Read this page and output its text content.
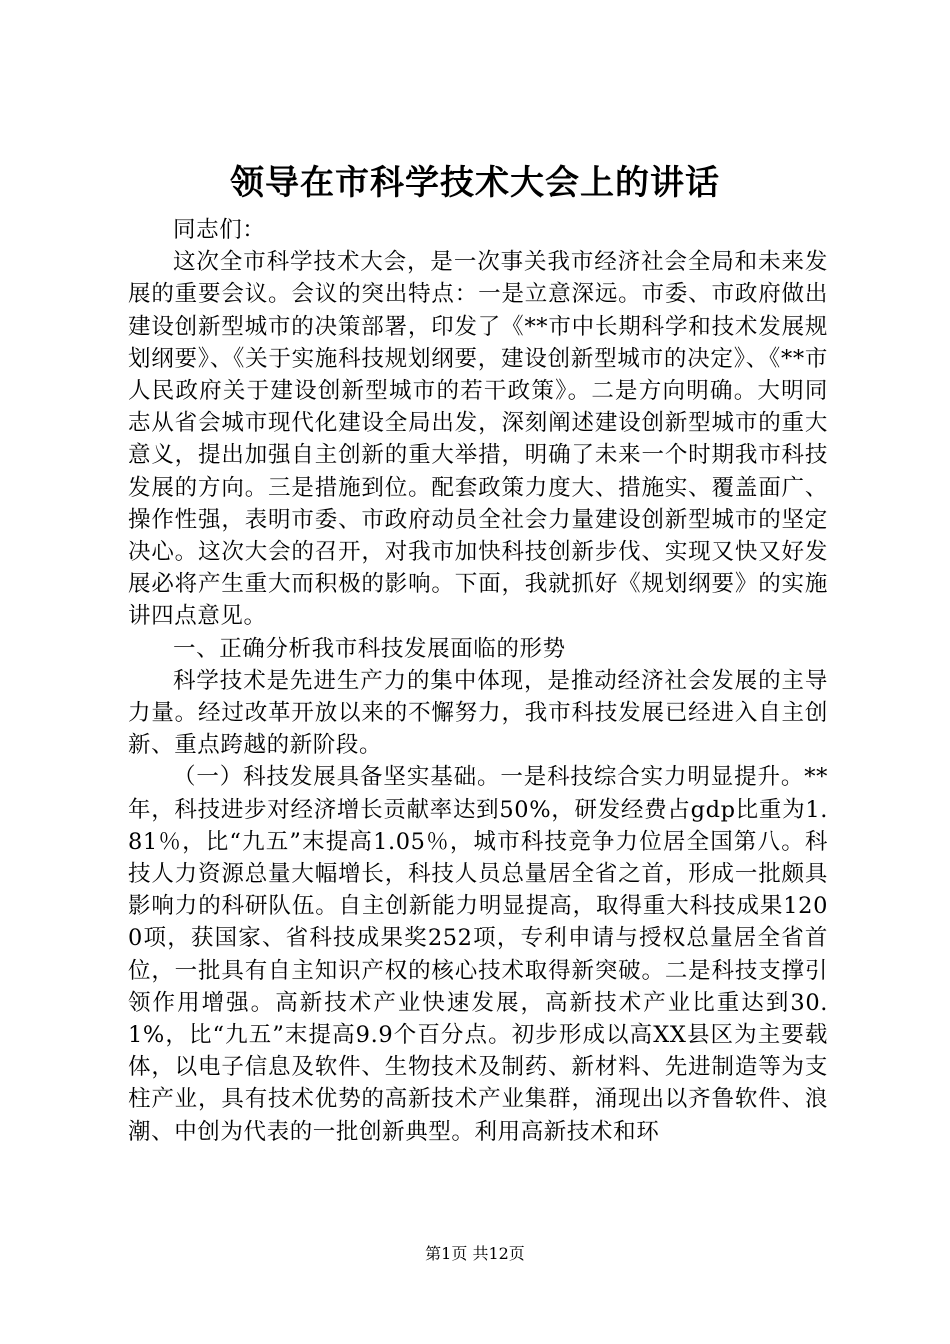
领导在市科学技术大会上的讲话

同志们：

这次全市科学技术大会，是一次事关我市经济社会全局和未来发展的重要会议。会议的突出特点：一是立意深远。市委、市政府做出建设创新型城市的决策部署，印发了《**市中长期科学和技术发展规划纲要》、《关于实施科技规划纲要，建设创新型城市的决定》、《**市人民政府关于建设创新型城市的若干政策》。二是方向明确。大明同志从省会城市现代化建设全局出发，深刻阐述建设创新型城市的重大意义，提出加强自主创新的重大举措，明确了未来一个时期我市科技发展的方向。三是措施到位。配套政策力度大、措施实、覆盖面广、操作性强，表明市委、市政府动员全社会力量建设创新型城市的坚定决心。这次大会的召开，对我市加快科技创新步伐、实现又快又好发展必将产生重大而积极的影响。下面，我就抓好《规划纲要》的实施讲四点意见。

一、正确分析我市科技发展面临的形势

科学技术是先进生产力的集中体现，是推动经济社会发展的主导力量。经过改革开放以来的不懈努力，我市科技发展已经进入自主创新、重点跨越的新阶段。

（一）科技发展具备坚实基础。一是科技综合实力明显提升。**年，科技进步对经济增长贡献率达到50%，研发经费占gdp比重为1.81％，比“九五”末提高1.05％，城市科技竞争力位居全国第八。科技人力资源总量大幅增长，科技人员总量居全省之首，形成一批颇具影响力的科研队伍。自主创新能力明显提高，取得重大科技成果1200项，获国家、省科技成果奖252项，专利申请与授权总量居全省首位，一批具有自主知识产权的核心技术取得新突破。二是科技支撑引领作用增强。高新技术产业快速发展，高新技术产业比重达到30.1%，比“九五”末提高9.9个百分点。初步形成以高XX县区为主要载体，以电子信息及软件、生物技术及制药、新材料、先进制造等为支柱产业，具有技术优势的高新技术产业集群，涌现出以齐鲁软件、浪潮、中创为代表的一批创新典型。利用高新技术和环

第1页 共12页
